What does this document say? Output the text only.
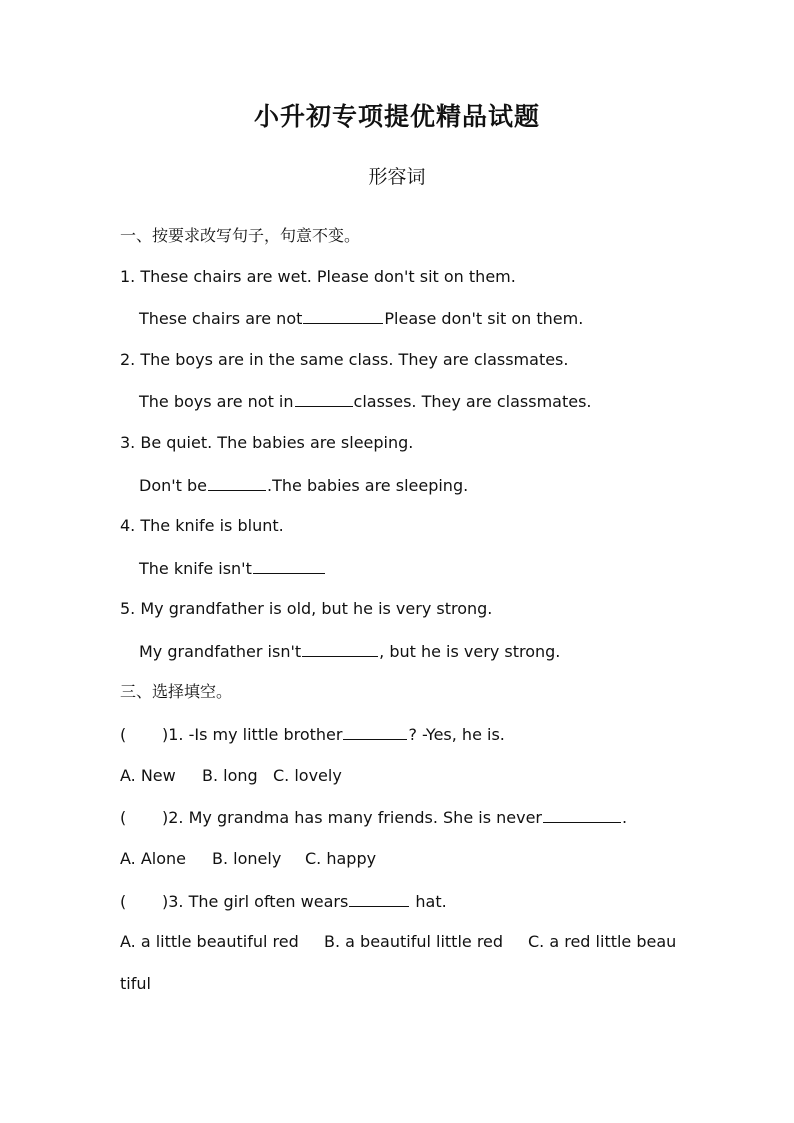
小升初专项提优精品试题
形容词
一、按要求改写句子，句意不变。
1. These chairs are wet. Please don't sit on them.
These chairs are not	Please don't sit on them.
2. The boys are in the same class. They are classmates.
The boys are not in	classes. They are classmates.
3. Be quiet. The babies are sleeping.
Don't be	.The babies are sleeping.
4. The knife is blunt.
The knife isn't
5. My grandfather is old, but he is very strong.
My grandfather isn't	, but he is very strong.
三、选择填空。
( )1. -Is my little brother	? -Yes, he is.
A. New B. long C. lovely
( )2. My grandma has many friends. She is never	.
A. Alone B. lonely C. happy
( )3. The girl often wears	hat.
A. a little beautiful red B. a beautiful little red C. a red little beau
tiful
